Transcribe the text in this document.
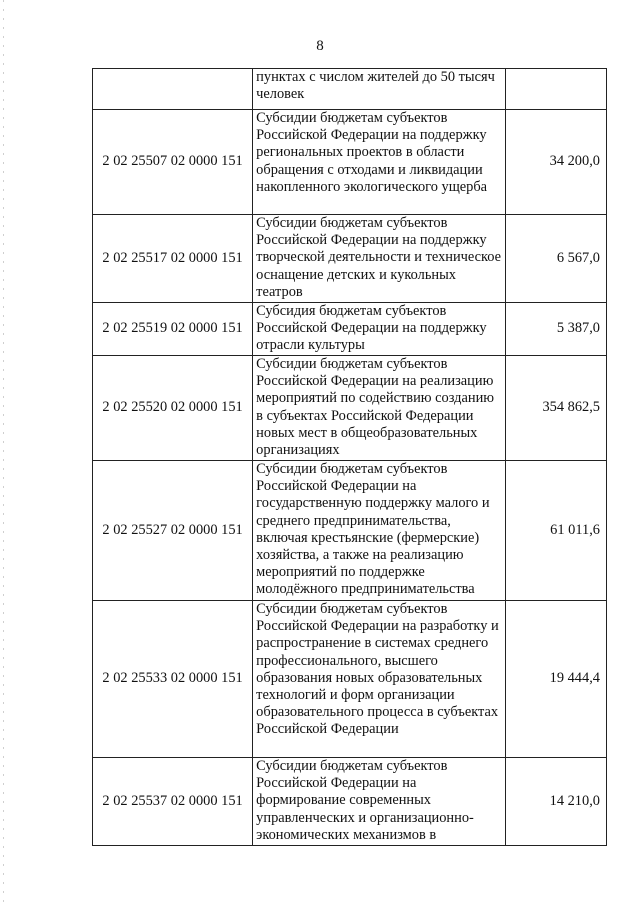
8
	пунктах с числом жителей до 50 тысяч человек	
2 02 25507 02 0000 151	Субсидии бюджетам субъектов Российской Федерации на поддержку региональных проектов в области обращения с отходами и ликвидации накопленного экологического ущерба	34 200,0
2 02 25517 02 0000 151	Субсидии бюджетам субъектов Российской Федерации на поддержку творческой деятельности и техническое оснащение детских и кукольных театров	6 567,0
2 02 25519 02 0000 151	Субсидия бюджетам субъектов Российской Федерации на поддержку отрасли культуры	5 387,0
2 02 25520 02 0000 151	Субсидии бюджетам субъектов Российской Федерации на реализацию мероприятий по содействию созданию в субъектах Российской Федерации новых мест в общеобразовательных организациях	354 862,5
2 02 25527 02 0000 151	Субсидии бюджетам субъектов Российской Федерации на государственную поддержку малого и среднего предпринимательства, включая крестьянские (фермерские) хозяйства, а также на реализацию мероприятий по поддержке молодёжного предпринимательства	61 011,6
2 02 25533 02 0000 151	Субсидии бюджетам субъектов Российской Федерации на разработку и распространение в системах среднего профессионального, высшего образования новых образовательных технологий и форм организации образовательного процесса в субъектах Российской Федерации	19 444,4
2 02 25537 02 0000 151	Субсидии бюджетам субъектов Российской Федерации на формирование современных управленческих и организационно-экономических механизмов в	14 210,0
